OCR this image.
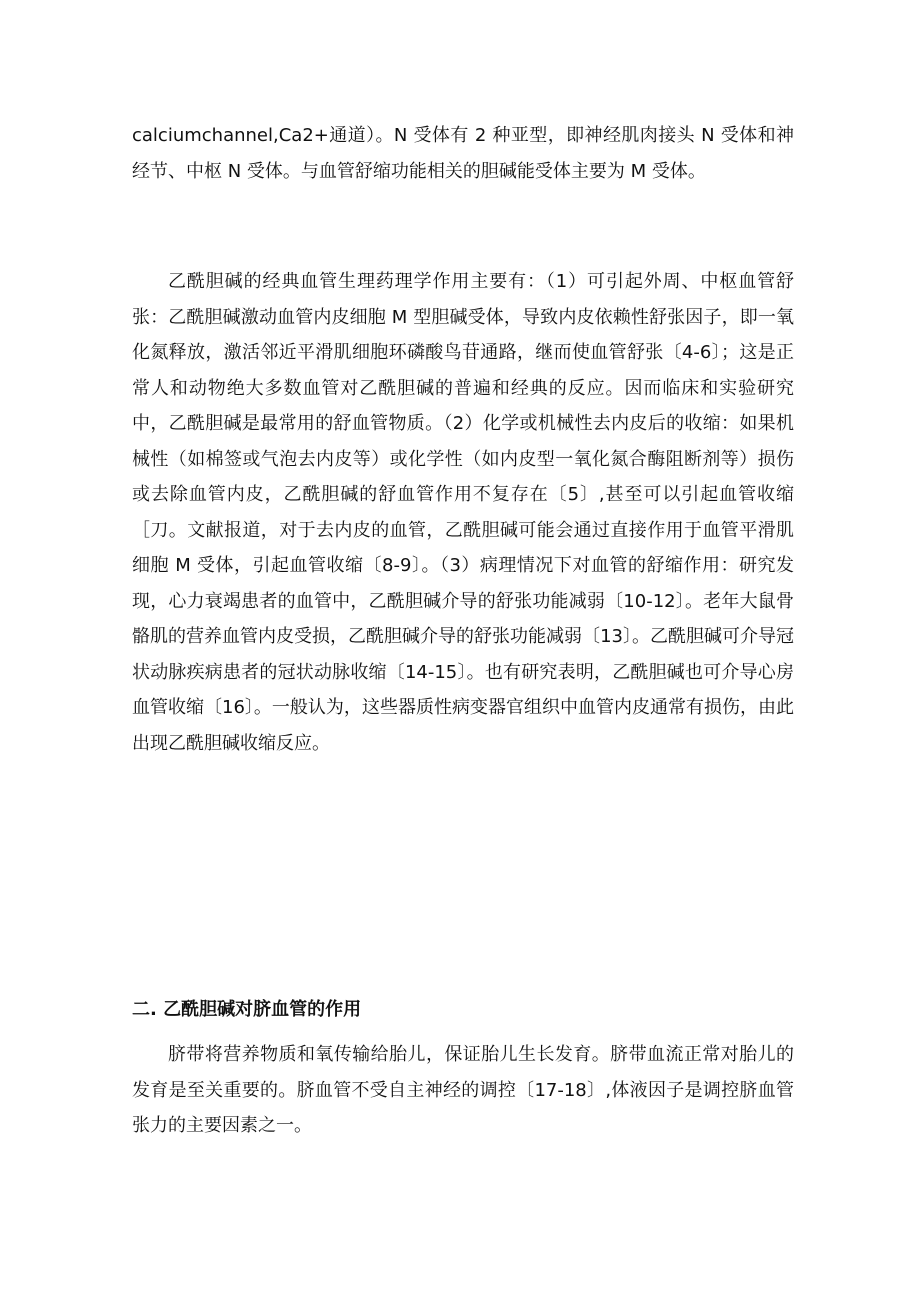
calciumchannel,Ca2+通道）。N 受体有 2 种亚型，即神经肌肉接头 N 受体和神经节、中枢 N 受体。与血管舒缩功能相关的胆碱能受体主要为 M 受体。

乙酰胆碱的经典血管生理药理学作用主要有：（1）可引起外周、中枢血管舒张：乙酰胆碱激动血管内皮细胞 M 型胆碱受体，导致内皮依赖性舒张因子，即一氧化氮释放，激活邻近平滑肌细胞环磷酸鸟苷通路，继而使血管舒张〔4-6〕；这是正常人和动物绝大多数血管对乙酰胆碱的普遍和经典的反应。因而临床和实验研究中，乙酰胆碱是最常用的舒血管物质。（2）化学或机械性去内皮后的收缩：如果机械性（如棉签或气泡去内皮等）或化学性（如内皮型一氧化氮合酶阻断剂等）损伤或去除血管内皮，乙酰胆碱的舒血管作用不复存在〔5〕,甚至可以引起血管收缩［刀。文献报道，对于去内皮的血管，乙酰胆碱可能会通过直接作用于血管平滑肌细胞 M 受体，引起血管收缩〔8-9〕。（3）病理情况下对血管的舒缩作用：研究发现，心力衰竭患者的血管中，乙酰胆碱介导的舒张功能减弱〔10-12〕。老年大鼠骨骼肌的营养血管内皮受损，乙酰胆碱介导的舒张功能减弱〔13〕。乙酰胆碱可介导冠状动脉疾病患者的冠状动脉收缩〔14-15〕。也有研究表明，乙酰胆碱也可介导心房血管收缩〔16〕。一般认为，这些器质性病变器官组织中血管内皮通常有损伤，由此出现乙酰胆碱收缩反应。

二. 乙酰胆碱对脐血管的作用

脐带将营养物质和氧传输给胎儿，保证胎儿生长发育。脐带血流正常对胎儿的发育是至关重要的。脐血管不受自主神经的调控〔17-18〕,体液因子是调控脐血管张力的主要因素之一。
